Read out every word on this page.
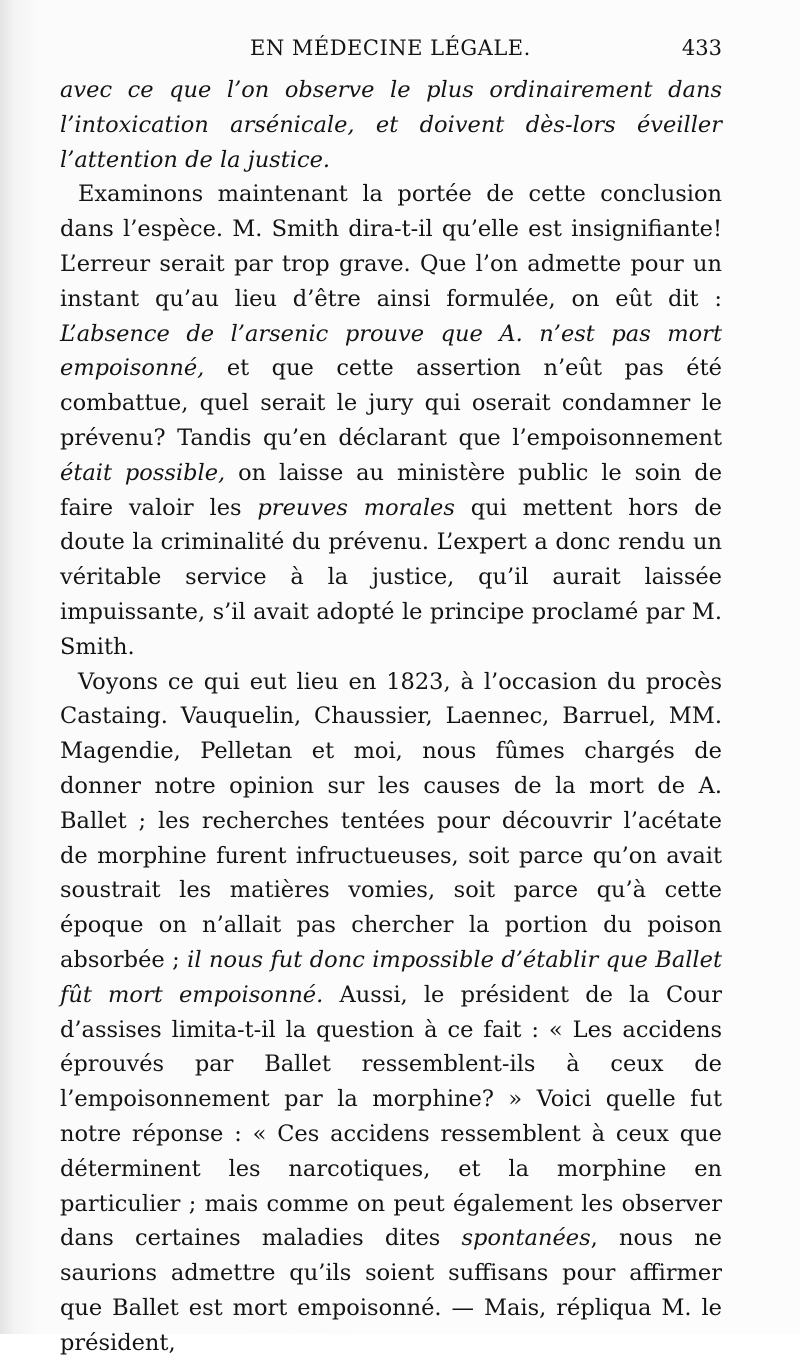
EN MÉDECINE LÉGALE.	433

avec ce que l’on observe le plus ordinairement dans l’intoxication arsénicale, et doivent dès-lors éveiller l’attention de la justice.

Examinons maintenant la portée de cette conclusion dans l’espèce. M. Smith dira-t-il qu’elle est insignifiante! L’erreur serait par trop grave. Que l’on admette pour un instant qu’au lieu d’être ainsi formulée, on eût dit : L’absence de l’arsenic prouve que A. n’est pas mort empoisonné, et que cette assertion n’eût pas été combattue, quel serait le jury qui oserait condamner le prévenu? Tandis qu’en déclarant que l’empoisonnement était possible, on laisse au ministère public le soin de faire valoir les preuves morales qui mettent hors de doute la criminalité du prévenu. L’expert a donc rendu un véritable service à la justice, qu’il aurait laissée impuissante, s’il avait adopté le principe proclamé par M. Smith.

Voyons ce qui eut lieu en 1823, à l’occasion du procès Castaing. Vauquelin, Chaussier, Laennec, Barruel, MM. Magendie, Pelletan et moi, nous fûmes chargés de donner notre opinion sur les causes de la mort de A. Ballet ; les recherches tentées pour découvrir l’acétate de morphine furent infructueuses, soit parce qu’on avait soustrait les matières vomies, soit parce qu’à cette époque on n’allait pas chercher la portion du poison absorbée ; il nous fut donc impossible d’établir que Ballet fût mort empoisonné. Aussi, le président de la Cour d’assises limita-t-il la question à ce fait : « Les accidens éprouvés par Ballet ressemblent-ils à ceux de l’empoisonnement par la morphine? » Voici quelle fut notre réponse : « Ces accidens ressemblent à ceux que déterminent les narcotiques, et la morphine en particulier ; mais comme on peut également les observer dans certaines maladies dites spontanées, nous ne saurions admettre qu’ils soient suffisans pour affirmer que Ballet est mort empoisonné. — Mais, répliqua M. le président,
